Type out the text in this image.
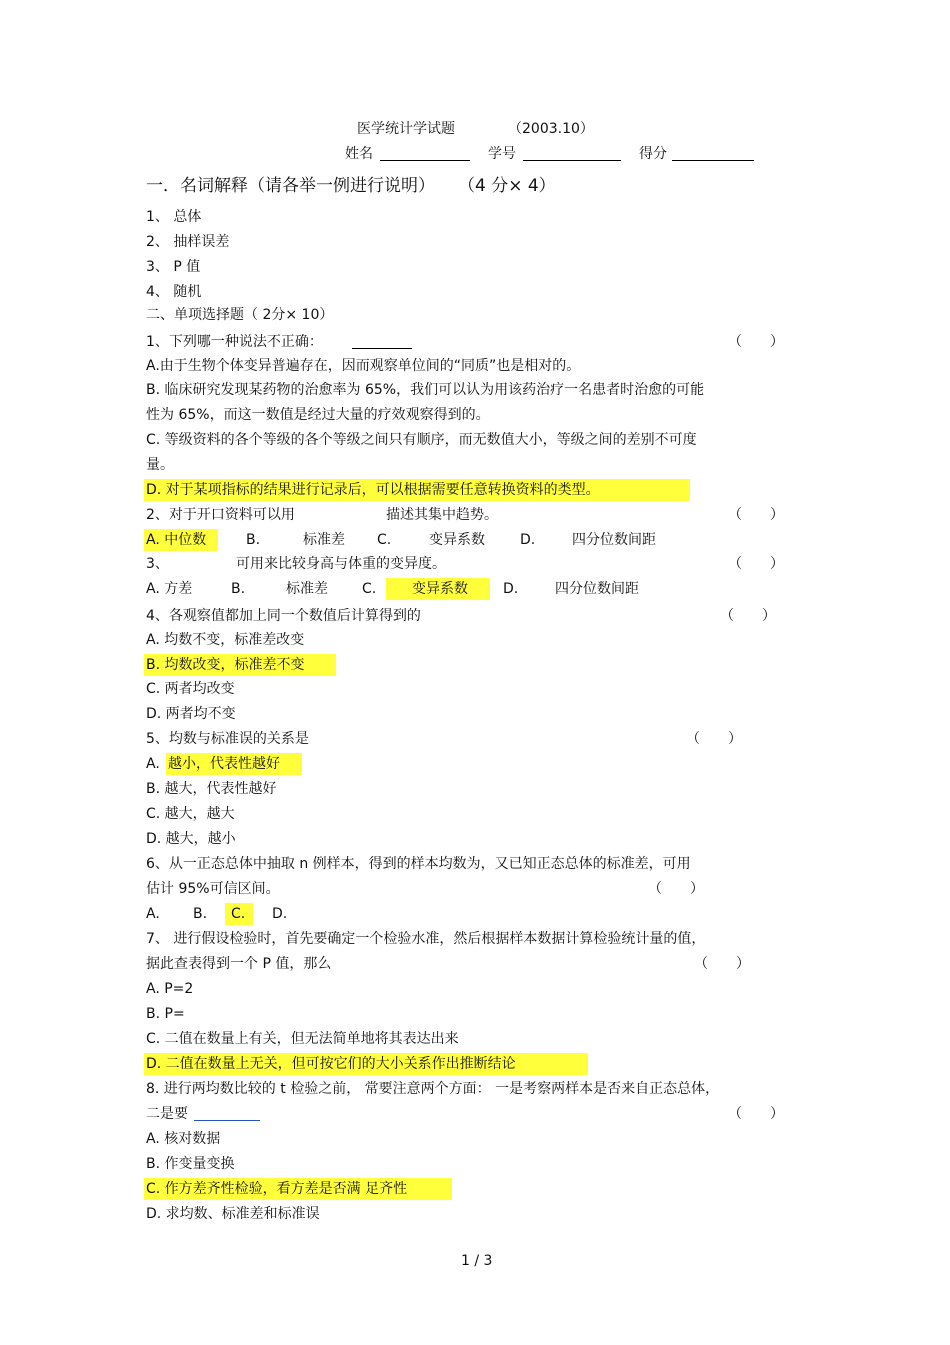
医学统计学试题	（2003.10）
姓名	学号	得分
一．名词解释（请各举一例进行说明） （4 分× 4）
1、 总体
2、 抽样误差
3、 P 值
4、 随机
二、单项选择题（ 2分× 10）
1、下列哪一种说法不正确：	（　　）
A.由于生物个体变异普遍存在，因而观察单位间的“同质”也是相对的。
B. 临床研究发现某药物的治愈率为 65%，我们可以认为用该药治疗一名患者时治愈的可能
性为 65%，而这一数值是经过大量的疗效观察得到的。
C. 等级资料的各个等级的各个等级之间只有顺序，而无数值大小，等级之间的差别不可度
量。
D. 对于某项指标的结果进行记录后，可以根据需要任意转换资料的类型。
2、对于开口资料可以用	描述其集中趋势。	（　　）
A. 中位数	B.	标准差 C.	变异系数	D.	四分位数间距
3、	可用来比较身高与体重的变异度。	（　　）
A. 方差	B.	标准差 C.	变异系数	D.	四分位数间距
4、各观察值都加上同一个数值后计算得到的	（　　）
A. 均数不变，标准差改变
B. 均数改变，标准差不变
C. 两者均改变
D. 两者均不变
5、均数与标准误的关系是	（　　）
A. 越小，代表性越好
B. 越大，代表性越好
C. 越大，越大
D. 越大，越小
6、从一正态总体中抽取 n 例样本，得到的样本均数为，又已知正态总体的标准差，可用
估计 95%可信区间。	（　　）
A. B.	C.	D.
7、 进行假设检验时，首先要确定一个检验水准，然后根据样本数据计算检验统计量的值，
据此查表得到一个 P 值，那么	（　　）
A. P=2
B. P=
C. 二值在数量上有关，但无法简单地将其表达出来
D. 二值在数量上无关，但可按它们的大小关系作出推断结论
8. 进行两均数比较的 t 检验之前， 常要注意两个方面： 一是考察两样本是否来自正态总体，
二是要	（　　）
A. 核对数据
B. 作变量变换
C. 作方差齐性检验，看方差是否满 足齐性
D. 求均数、标准差和标准误
1 / 3
